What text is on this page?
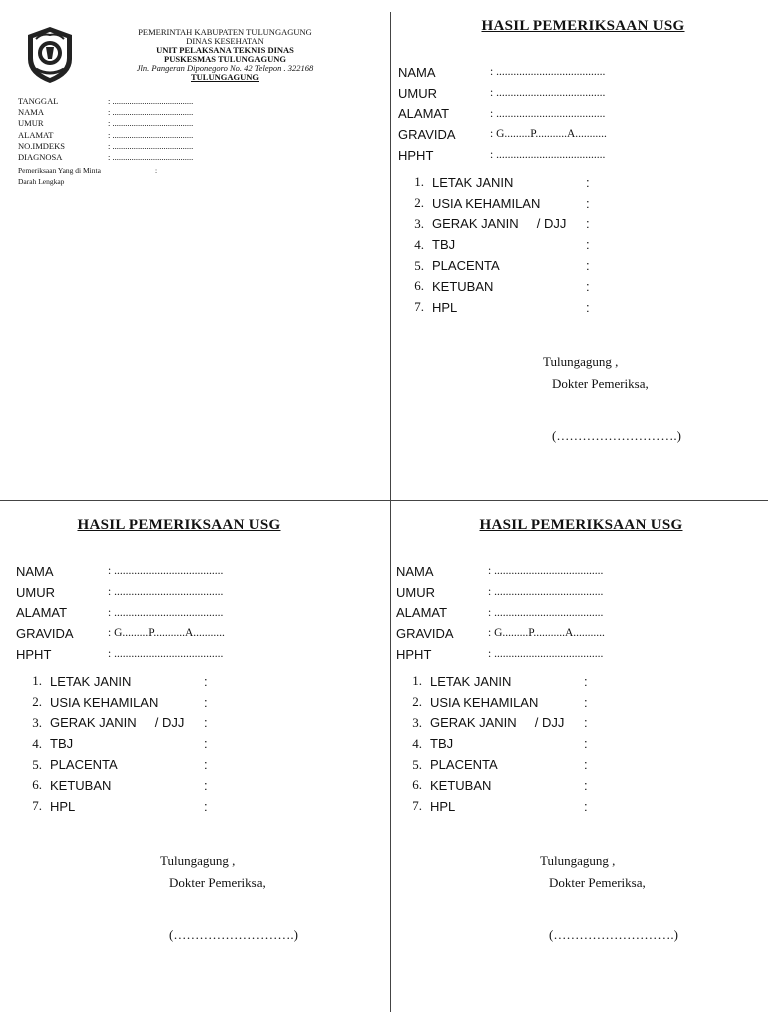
PEMERINTAH KABUPATEN TULUNGAGUNG
DINAS KESEHATAN
UNIT PELAKSANA TEKNIS DINAS
PUSKESMAS TULUNGAGUNG
Jln. Pangeran Diponegoro No. 42 Telepon . 322168
TULUNGAGUNG
TANGGAL	: ......................................
NAMA	: ......................................
UMUR	: ......................................
ALAMAT	: ......................................
NO.IMDEKS	: ......................................
DIAGNOSA	: ......................................
Pemeriksaan Yang di Minta	:
Darah Lengkap
HASIL PEMERIKSAAN USG
NAMA	: ......................................
UMUR	: ......................................
ALAMAT	: ......................................
GRAVIDA	: G.........P...........A...........
HPHT	: ......................................
1. LETAK JANIN	:
2. USIA KEHAMILAN	:
3. GERAK JANIN     / DJJ	:
4. TBJ	:
5. PLACENTA	:
6. KETUBAN	:
7. HPL	:
Tulungagung ,
Dokter Pemeriksa,
(……………………….)
HASIL PEMERIKSAAN USG
NAMA	: ......................................
UMUR	: ......................................
ALAMAT	: ......................................
GRAVIDA	: G.........P...........A...........
HPHT	: ......................................
1. LETAK JANIN	:
2. USIA KEHAMILAN	:
3. GERAK JANIN     / DJJ	:
4. TBJ	:
5. PLACENTA	:
6. KETUBAN	:
7. HPL	:
Tulungagung ,
Dokter Pemeriksa,
(……………………….)
HASIL PEMERIKSAAN USG
NAMA	: ......................................
UMUR	: ......................................
ALAMAT	: ......................................
GRAVIDA	: G.........P...........A...........
HPHT	: ......................................
1. LETAK JANIN	:
2. USIA KEHAMILAN	:
3. GERAK JANIN     / DJJ	:
4. TBJ	:
5. PLACENTA	:
6. KETUBAN	:
7. HPL	:
Tulungagung ,
Dokter Pemeriksa,
(……………………….)
